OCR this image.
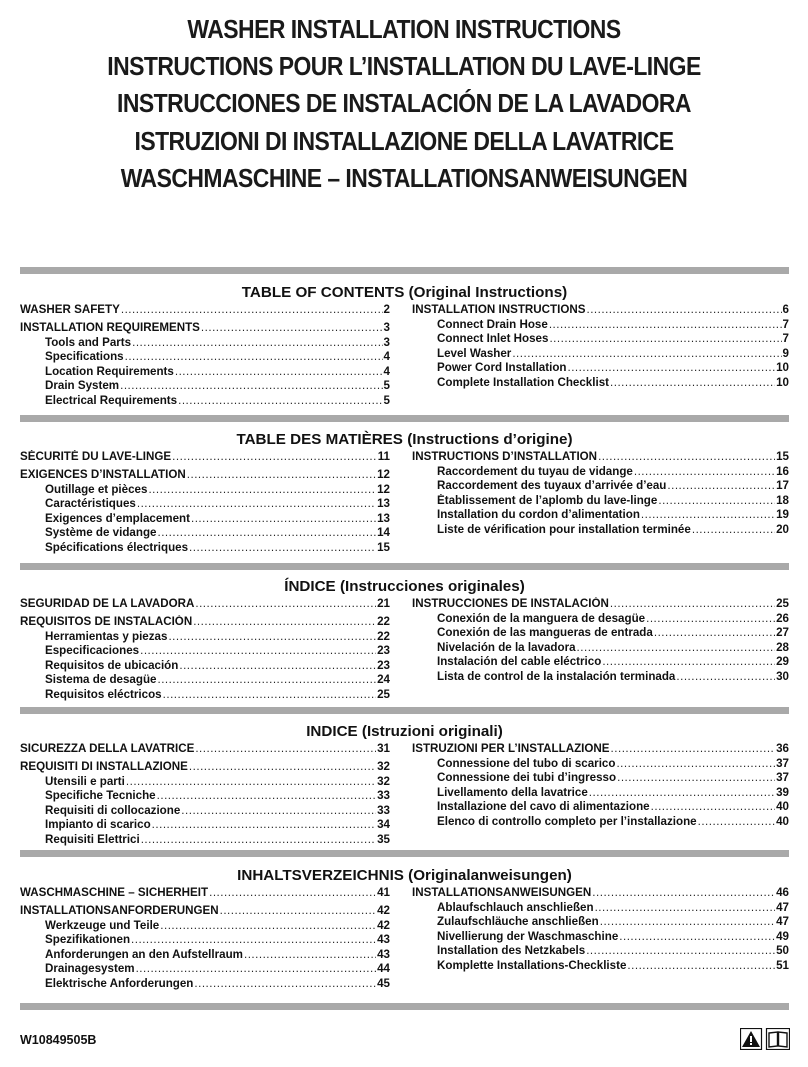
WASHER INSTALLATION INSTRUCTIONS
INSTRUCTIONS POUR L’INSTALLATION DU LAVE-LINGE
INSTRUCCIONES DE INSTALACIÓN DE LA LAVADORA
ISTRUZIONI DI INSTALLAZIONE DELLA LAVATRICE
WASCHMASCHINE – INSTALLATIONSANWEISUNGEN
TABLE OF CONTENTS (Original Instructions)
WASHER SAFETY .....	2
INSTALLATION REQUIREMENTS .....	3
Tools and Parts .....	3
Specifications .....	4
Location Requirements .....	4
Drain System .....	5
Electrical Requirements .....	5
INSTALLATION INSTRUCTIONS .....	6
Connect Drain Hose .....	7
Connect Inlet Hoses .....	7
Level Washer .....	9
Power Cord Installation .....	10
Complete Installation Checklist .....	10
TABLE DES MATIÈRES (Instructions d’origine)
SÉCURITÉ DU LAVE-LINGE .....	11
EXIGENCES D’INSTALLATION .....	12
Outillage et pièces .....	12
Caractéristiques .....	13
Exigences d’emplacement .....	13
Système de vidange .....	14
Spécifications électriques .....	15
INSTRUCTIONS D’INSTALLATION .....	15
Raccordement du tuyau de vidange .....	16
Raccordement des tuyaux d’arrivée d’eau .....	17
Établissement de l’aplomb du lave-linge .....	18
Installation du cordon d’alimentation .....	19
Liste de vérification pour installation terminée .....	20
ÍNDICE (Instrucciones originales)
SEGURIDAD DE LA LAVADORA .....	21
REQUISITOS DE INSTALACIÓN .....	22
Herramientas y piezas .....	22
Especificaciones .....	23
Requisitos de ubicación .....	23
Sistema de desagüe .....	24
Requisitos eléctricos .....	25
INSTRUCCIONES DE INSTALACIÓN .....	25
Conexión de la manguera de desagüe .....	26
Conexión de las mangueras de entrada .....	27
Nivelación de la lavadora .....	28
Instalación del cable eléctrico .....	29
Lista de control de la instalación terminada .....	30
INDICE (Istruzioni originali)
SICUREZZA DELLA LAVATRICE .....	31
REQUISITI DI INSTALLAZIONE .....	32
Utensili e parti .....	32
Specifiche Tecniche .....	33
Requisiti di collocazione .....	33
Impianto di scarico .....	34
Requisiti Elettrici .....	35
ISTRUZIONI PER L’INSTALLAZIONE .....	36
Connessione del tubo di scarico .....	37
Connessione dei tubi d’ingresso .....	37
Livellamento della lavatrice .....	39
Installazione del cavo di alimentazione .....	40
Elenco di controllo completo per l’installazione .....	40
INHALTSVERZEICHNIS (Originalanweisungen)
WASCHMASCHINE – SICHERHEIT .....	41
INSTALLATIONSANFORDERUNGEN .....	42
Werkzeuge und Teile .....	42
Spezifikationen .....	43
Anforderungen an den Aufstellraum .....	43
Drainagesystem .....	44
Elektrische Anforderungen .....	45
INSTALLATIONSANWEISUNGEN .....	46
Ablaufschlauch anschließen .....	47
Zulaufschläuche anschließen .....	47
Nivellierung der Waschmaschine .....	49
Installation des Netzkabels .....	50
Komplette Installations-Checkliste .....	51
W10849505B
